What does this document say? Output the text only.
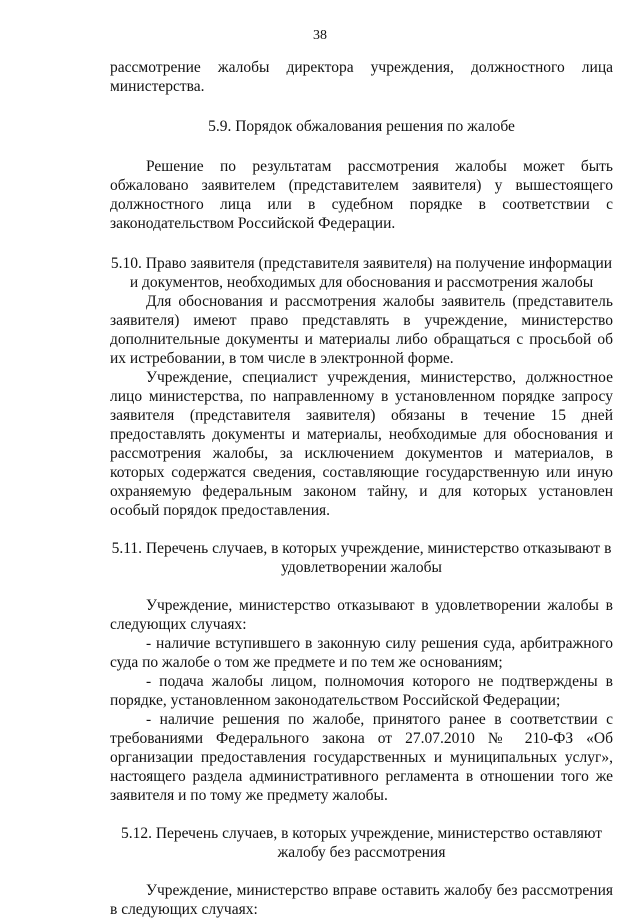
38

рассмотрение жалобы директора учреждения, должностного лица министерства.

5.9. Порядок обжалования решения по жалобе

Решение по результатам рассмотрения жалобы может быть обжаловано заявителем (представителем заявителя) у вышестоящего должностного лица или в судебном порядке в соответствии с законодательством Российской Федерации.

5.10. Право заявителя (представителя заявителя) на получение информации и документов, необходимых для обоснования и рассмотрения жалобы

Для обоснования и рассмотрения жалобы заявитель (представитель заявителя) имеют право представлять в учреждение, министерство дополнительные документы и материалы либо обращаться с просьбой об их истребовании, в том числе в электронной форме.

Учреждение, специалист учреждения, министерство, должностное лицо министерства, по направленному в установленном порядке запросу заявителя (представителя заявителя) обязаны в течение 15 дней предоставлять документы и материалы, необходимые для обоснования и рассмотрения жалобы, за исключением документов и материалов, в которых содержатся сведения, составляющие государственную или иную охраняемую федеральным законом тайну, и для которых установлен особый порядок предоставления.

5.11. Перечень случаев, в которых учреждение, министерство отказывают в удовлетворении жалобы

Учреждение, министерство отказывают в удовлетворении жалобы в следующих случаях:

- наличие вступившего в законную силу решения суда, арбитражного суда по жалобе о том же предмете и по тем же основаниям;

- подача жалобы лицом, полномочия которого не подтверждены в порядке, установленном законодательством Российской Федерации;

- наличие решения по жалобе, принятого ранее в соответствии с требованиями Федерального закона от 27.07.2010 № 210-ФЗ «Об организации предоставления государственных и муниципальных услуг», настоящего раздела административного регламента в отношении того же заявителя и по тому же предмету жалобы.

5.12. Перечень случаев, в которых учреждение, министерство оставляют жалобу без рассмотрения

Учреждение, министерство вправе оставить жалобу без рассмотрения в следующих случаях:
